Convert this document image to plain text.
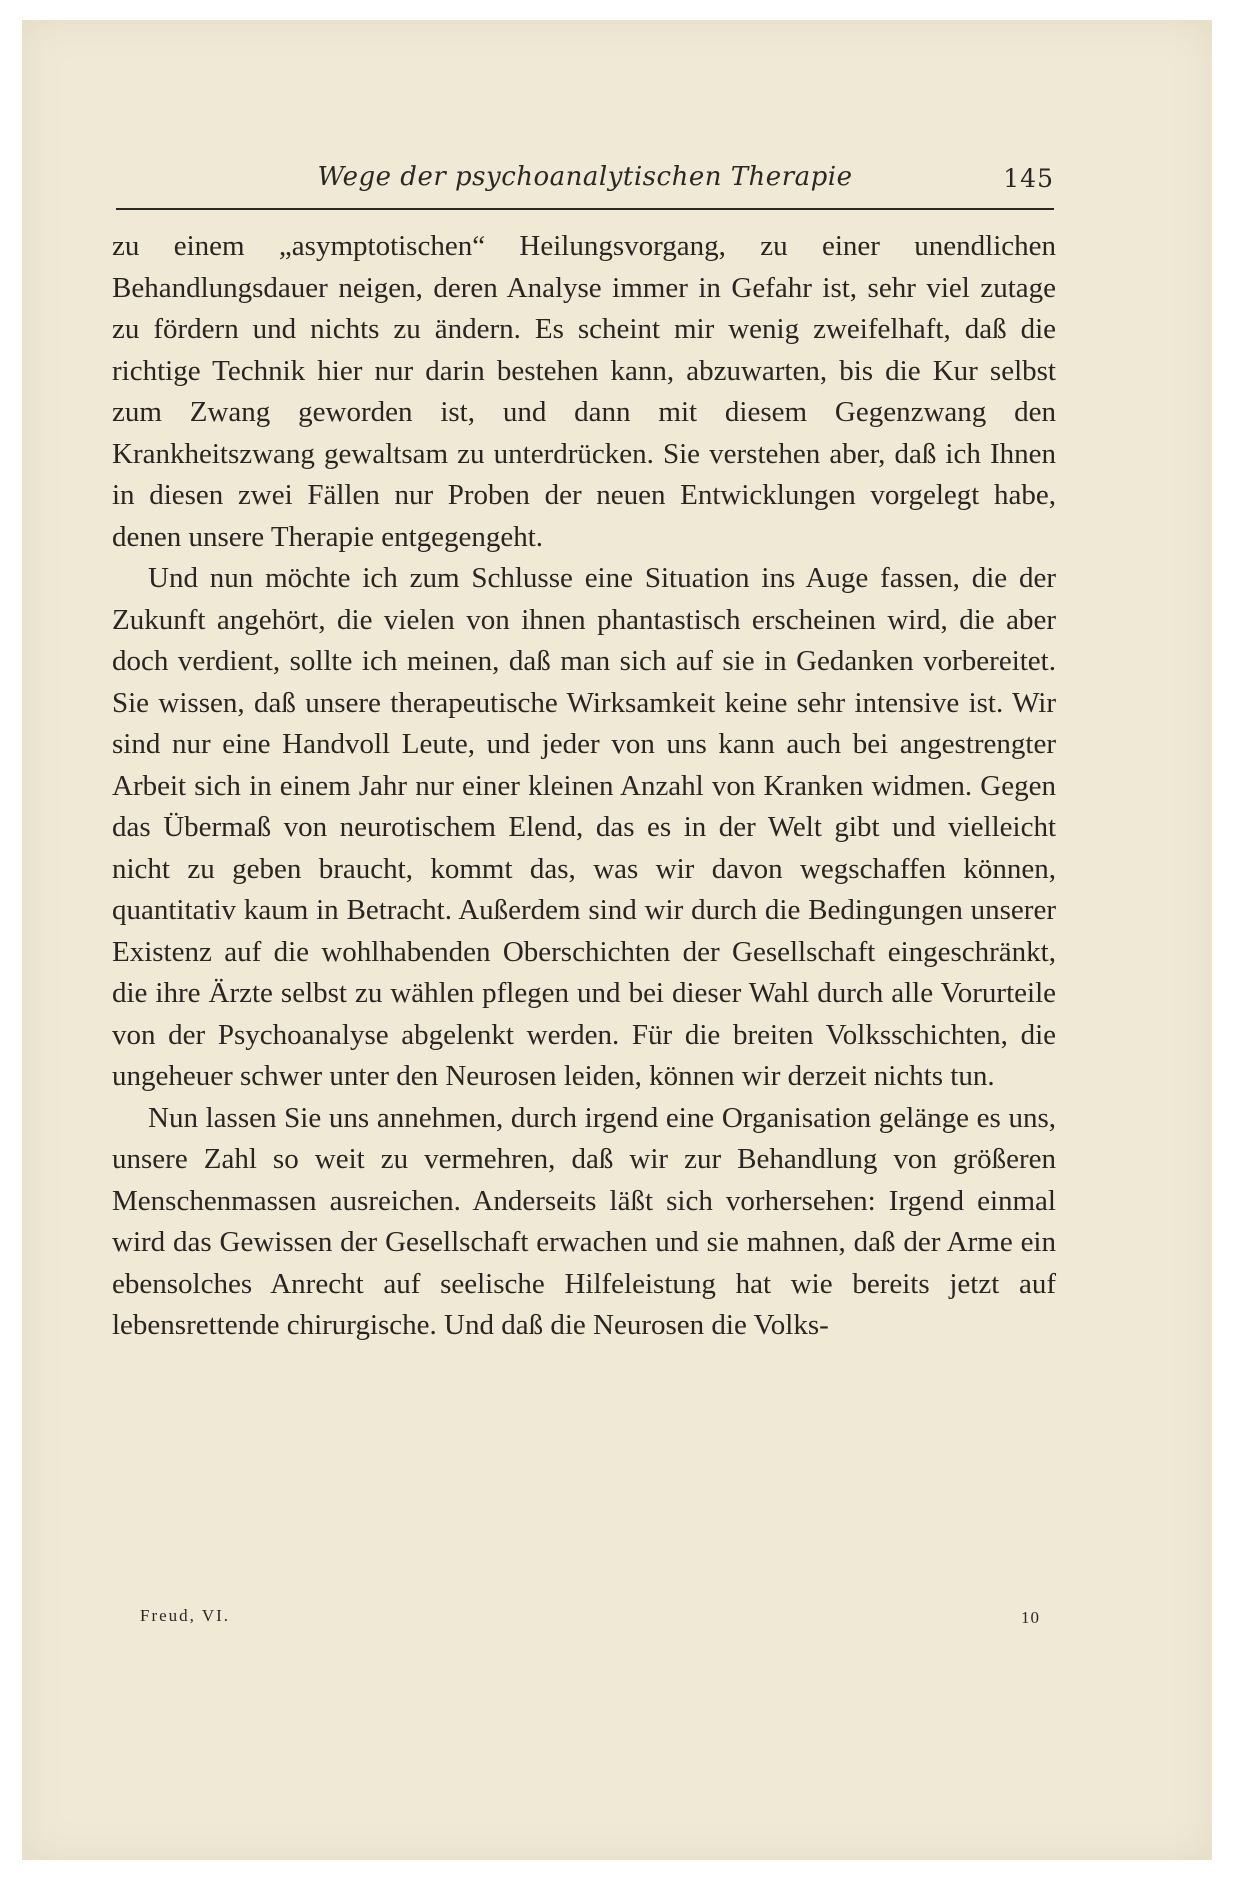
Wege der psychoanalytischen Therapie	145

zu einem „asymptotischen“ Heilungsvorgang, zu einer unendlichen Behandlungsdauer neigen, deren Analyse immer in Gefahr ist, sehr viel zutage zu fördern und nichts zu ändern. Es scheint mir wenig zweifelhaft, daß die richtige Technik hier nur darin bestehen kann, abzuwarten, bis die Kur selbst zum Zwang geworden ist, und dann mit diesem Gegenzwang den Krankheitszwang gewaltsam zu unterdrücken. Sie verstehen aber, daß ich Ihnen in diesen zwei Fällen nur Proben der neuen Entwicklungen vorgelegt habe, denen unsere Therapie entgegengeht.

Und nun möchte ich zum Schlusse eine Situation ins Auge fassen, die der Zukunft angehört, die vielen von ihnen phantastisch erscheinen wird, die aber doch verdient, sollte ich meinen, daß man sich auf sie in Gedanken vorbereitet. Sie wissen, daß unsere therapeutische Wirksamkeit keine sehr intensive ist. Wir sind nur eine Handvoll Leute, und jeder von uns kann auch bei angestrengter Arbeit sich in einem Jahr nur einer kleinen Anzahl von Kranken widmen. Gegen das Übermaß von neurotischem Elend, das es in der Welt gibt und vielleicht nicht zu geben braucht, kommt das, was wir davon wegschaffen können, quantitativ kaum in Betracht. Außerdem sind wir durch die Bedingungen unserer Existenz auf die wohlhabenden Oberschichten der Gesellschaft eingeschränkt, die ihre Ärzte selbst zu wählen pflegen und bei dieser Wahl durch alle Vorurteile von der Psychoanalyse abgelenkt werden. Für die breiten Volksschichten, die ungeheuer schwer unter den Neurosen leiden, können wir derzeit nichts tun.

Nun lassen Sie uns annehmen, durch irgend eine Organisation gelänge es uns, unsere Zahl so weit zu vermehren, daß wir zur Behandlung von größeren Menschenmassen ausreichen. Anderseits läßt sich vorhersehen: Irgend einmal wird das Gewissen der Gesellschaft erwachen und sie mahnen, daß der Arme ein ebensolches Anrecht auf seelische Hilfeleistung hat wie bereits jetzt auf lebensrettende chirurgische. Und daß die Neurosen die Volks-

Freud, VI.	10
